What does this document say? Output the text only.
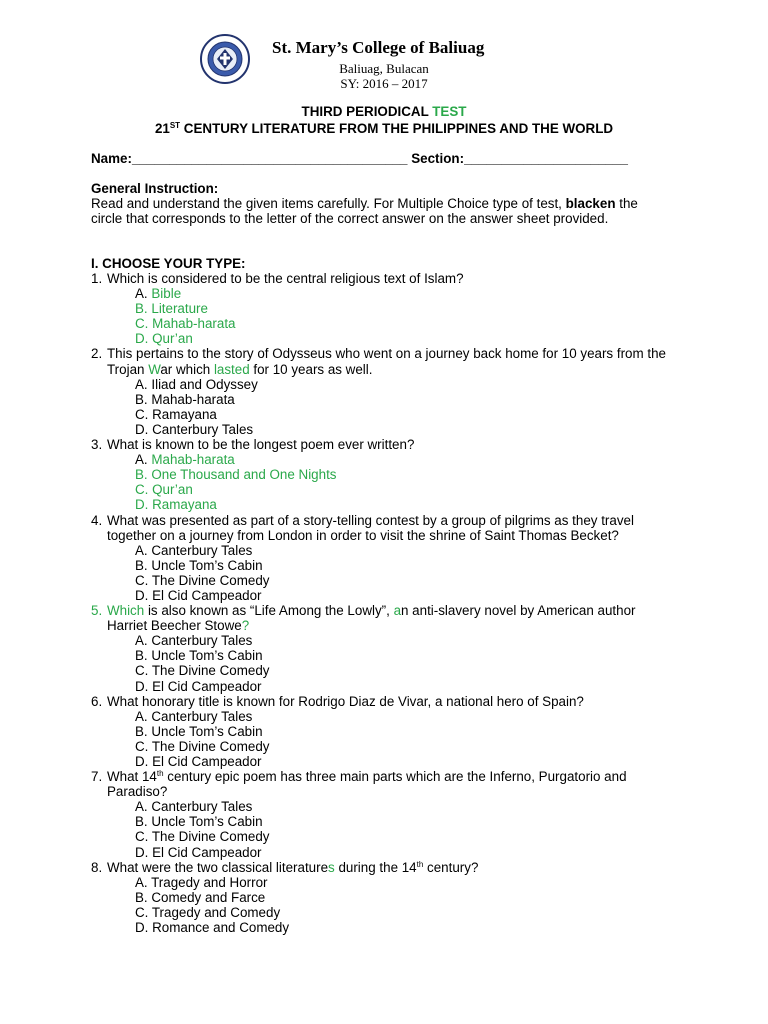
St. Mary’s College of Baliuag
Baliuag, Bulacan
SY: 2016 – 2017
THIRD PERIODICAL TEST
21ST CENTURY LITERATURE FROM THE PHILIPPINES AND THE WORLD
Name:_____________________________________ Section:______________________
General Instruction:
Read and understand the given items carefully. For Multiple Choice type of test, blacken the circle that corresponds to the letter of the correct answer on the answer sheet provided.
I. CHOOSE YOUR TYPE:
1. Which is considered to be the central religious text of Islam?
A. Bible
B. Literature
C. Mahab-harata
D. Qur’an
2. This pertains to the story of Odysseus who went on a journey back home for 10 years from the Trojan War which lasted for 10 years as well.
A. Iliad and Odyssey
B. Mahab-harata
C. Ramayana
D. Canterbury Tales
3. What is known to be the longest poem ever written?
A. Mahab-harata
B. One Thousand and One Nights
C. Qur’an
D. Ramayana
4. What was presented as part of a story-telling contest by a group of pilgrims as they travel together on a journey from London in order to visit the shrine of Saint Thomas Becket?
A. Canterbury Tales
B. Uncle Tom’s Cabin
C. The Divine Comedy
D. El Cid Campeador
5. Which is also known as “Life Among the Lowly”, an anti-slavery novel by American author Harriet Beecher Stowe?
A. Canterbury Tales
B. Uncle Tom’s Cabin
C. The Divine Comedy
D. El Cid Campeador
6. What honorary title is known for Rodrigo Diaz de Vivar, a national hero of Spain?
A. Canterbury Tales
B. Uncle Tom’s Cabin
C. The Divine Comedy
D. El Cid Campeador
7. What 14th century epic poem has three main parts which are the Inferno, Purgatorio and Paradiso?
A. Canterbury Tales
B. Uncle Tom’s Cabin
C. The Divine Comedy
D. El Cid Campeador
8. What were the two classical literatures during the 14th century?
A. Tragedy and Horror
B. Comedy and Farce
C. Tragedy and Comedy
D. Romance and Comedy
